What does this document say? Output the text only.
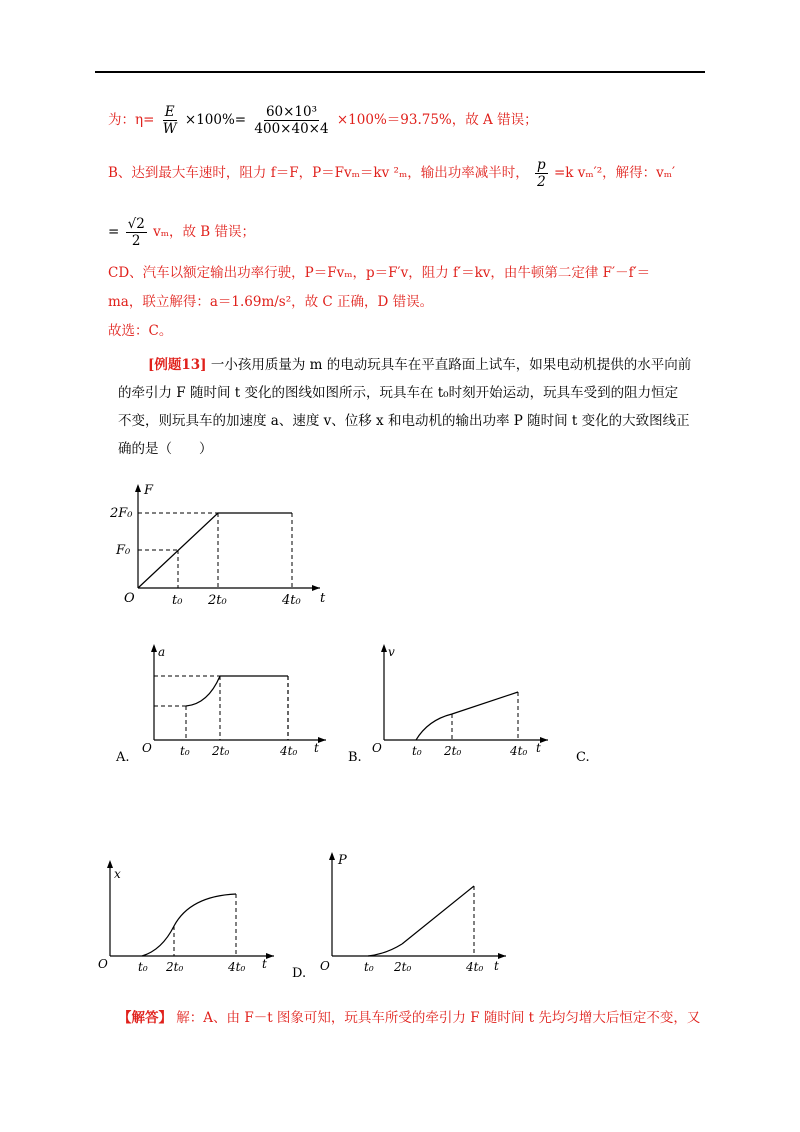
为：$\eta= \frac{E}{W} \times 100\%= \frac{\text{60×10³}}{400\times 40\times 4} \times 100\%=93.75\%$，故 A 错误；
B、达到最大车速时，阻力 f＝F，P＝Fvₘ＝kv ²ₘ，输出功率减半时， $\frac{p}{2} =k$ vₘ′²，解得：vₘ′
= $\frac{√2}{2}$ vₘ，故 B 错误；
CD、汽车以额定输出功率行驶，P＝Fvₘ，p＝F′v，阻力 f′＝kv，由牛顿第二定律 F′－f′＝
ma，联立解得：a＝1.69m/s²，故 C 正确，D 错误。
故选：C。
[例题13] 一小孩用质量为 m 的电动玩具车在平直路面上试车，如果电动机提供的水平向前
的牵引力 F 随时间 t 变化的图线如图所示，玩具车在 t₀时刻开始运动，玩具车受到的阻力恒定
不变，则玩具车的加速度 a、速度 v、位移 x 和电动机的输出功率 P 随时间 t 变化的大致图线正
确的是（　　）
F
t
O
2F₀
F₀
t₀ 2t₀	4t₀
a
t
O t₀ 2t₀	4t₀
A.
v
t
O	t₀ 2t₀	4t₀
B.	C.
x
t
O	t₀ 2t₀	4t₀
P
t
O	t₀ 2t₀	4t₀
D.
【解答】 解：A、由 F－t 图象可知，玩具车所受的牵引力 F 随时间 t 先均匀增大后恒定不变，又
